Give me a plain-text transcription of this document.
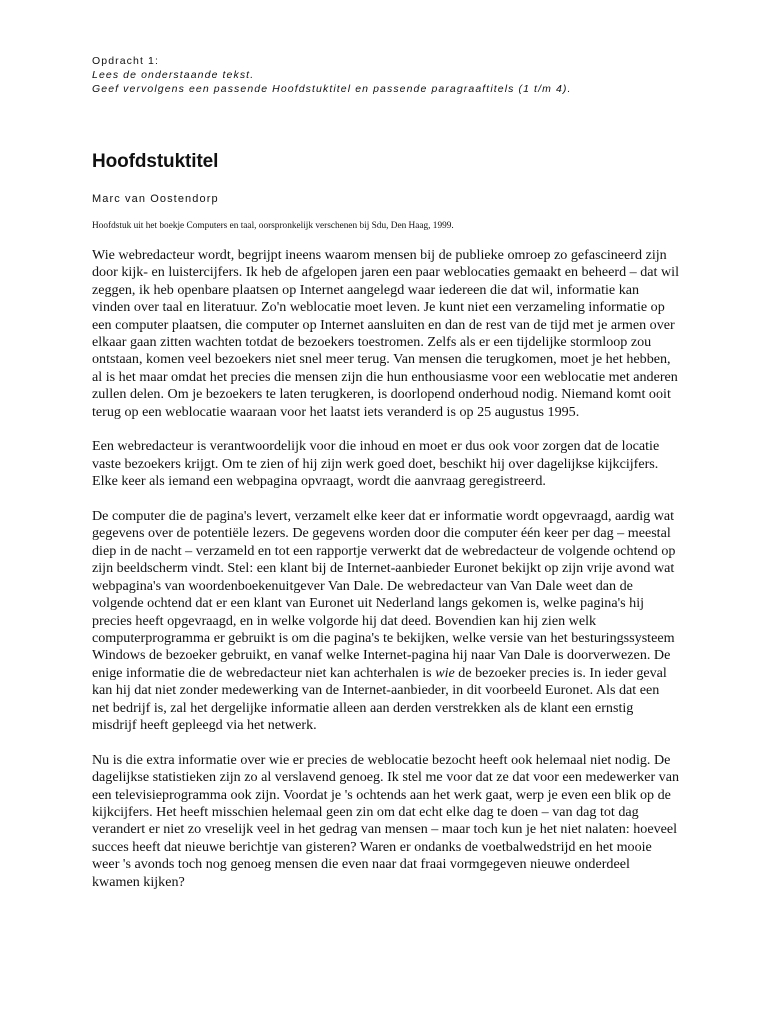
Opdracht 1:
Lees de onderstaande tekst.
Geef vervolgens een passende Hoofdstuktitel en passende paragraaftitels (1 t/m 4).
Hoofdstuktitel
Marc van Oostendorp
Hoofdstuk uit het boekje Computers en taal, oorspronkelijk verschenen bij Sdu, Den Haag, 1999.

Wie webredacteur wordt, begrijpt ineens waarom mensen bij de publieke omroep zo gefascineerd zijn door kijk- en luistercijfers. Ik heb de afgelopen jaren een paar weblocaties gemaakt en beheerd – dat wil zeggen, ik heb openbare plaatsen op Internet aangelegd waar iedereen die dat wil, informatie kan vinden over taal en literatuur. Zo'n weblocatie moet leven. Je kunt niet een verzameling informatie op een computer plaatsen, die computer op Internet aansluiten en dan de rest van de tijd met je armen over elkaar gaan zitten wachten totdat de bezoekers toestromen. Zelfs als er een tijdelijke stormloop zou ontstaan, komen veel bezoekers niet snel meer terug. Van mensen die terugkomen, moet je het hebben, al is het maar omdat het precies die mensen zijn die hun enthousiasme voor een weblocatie met anderen zullen delen. Om je bezoekers te laten terugkeren, is doorlopend onderhoud nodig. Niemand komt ooit terug op een weblocatie waaraan voor het laatst iets veranderd is op 25 augustus 1995.

Een webredacteur is verantwoordelijk voor die inhoud en moet er dus ook voor zorgen dat de locatie vaste bezoekers krijgt. Om te zien of hij zijn werk goed doet, beschikt hij over dagelijkse kijkcijfers. Elke keer als iemand een webpagina opvraagt, wordt die aanvraag geregistreerd.

De computer die de pagina's levert, verzamelt elke keer dat er informatie wordt opgevraagd, aardig wat gegevens over de potentiële lezers. De gegevens worden door die computer één keer per dag – meestal diep in de nacht – verzameld en tot een rapportje verwerkt dat de webredacteur de volgende ochtend op zijn beeldscherm vindt. Stel: een klant bij de Internet-aanbieder Euronet bekijkt op zijn vrije avond wat webpagina's van woordenboekenuitgever Van Dale. De webredacteur van Van Dale weet dan de volgende ochtend dat er een klant van Euronet uit Nederland langs gekomen is, welke pagina's hij precies heeft opgevraagd, en in welke volgorde hij dat deed. Bovendien kan hij zien welk computerprogramma er gebruikt is om die pagina's te bekijken, welke versie van het besturingssysteem Windows de bezoeker gebruikt, en vanaf welke Internet-pagina hij naar Van Dale is doorverwezen. De enige informatie die de webredacteur niet kan achterhalen is wie de bezoeker precies is. In ieder geval kan hij dat niet zonder medewerking van de Internet-aanbieder, in dit voorbeeld Euronet. Als dat een net bedrijf is, zal het dergelijke informatie alleen aan derden verstrekken als de klant een ernstig misdrijf heeft gepleegd via het netwerk.

Nu is die extra informatie over wie er precies de weblocatie bezocht heeft ook helemaal niet nodig. De dagelijkse statistieken zijn zo al verslavend genoeg. Ik stel me voor dat ze dat voor een medewerker van een televisieprogramma ook zijn. Voordat je 's ochtends aan het werk gaat, werp je even een blik op de kijkcijfers. Het heeft misschien helemaal geen zin om dat echt elke dag te doen – van dag tot dag verandert er niet zo vreselijk veel in het gedrag van mensen – maar toch kun je het niet nalaten: hoeveel succes heeft dat nieuwe berichtje van gisteren? Waren er ondanks de voetbalwedstrijd en het mooie weer 's avonds toch nog genoeg mensen die even naar dat fraai vormgegeven nieuwe onderdeel kwamen kijken?
